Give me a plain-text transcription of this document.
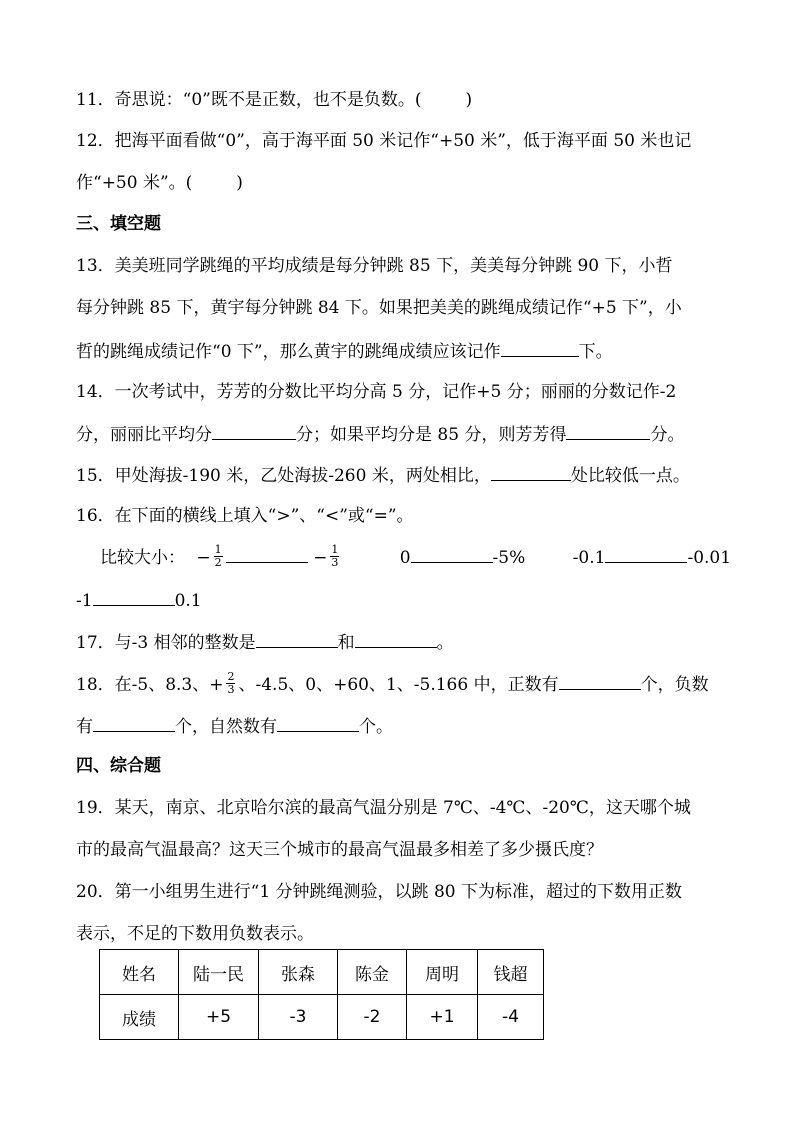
11．奇思说：“0”既不是正数，也不是负数。(	)
12．把海平面看做“0”，高于海平面 50 米记作“+50 米”，低于海平面 50 米也记
作“+50 米”。(	)
三、填空题
13．美美班同学跳绳的平均成绩是每分钟跳 85 下，美美每分钟跳 90 下，小哲
每分钟跳 85 下，黄宇每分钟跳 84 下。如果把美美的跳绳成绩记作“+5 下”，小
哲的跳绳成绩记作“0 下”，那么黄宇的跳绳成绩应该记作	下。
14．一次考试中，芳芳的分数比平均分高 5 分，记作+5 分；丽丽的分数记作-2
分，丽丽比平均分	分；如果平均分是 85 分，则芳芳得	分。
15．甲处海拔-190 米，乙处海拔-260 米，两处相比，	处比较低一点。
16．在下面的横线上填入“>”、“<”或“=”。
比较大小： − $\frac{1}{2}$	− $\frac{1}{3}$	0	-5%	-0.1	-0.01
-1	0.1
17．与-3 相邻的整数是	和	。
18．在-5、8.3、+ $\frac{2}{3}$ 、-4.5、0、+60、1、-5.166 中，正数有	个，负数
有	个，自然数有	个。
四、综合题
19．某天，南京、北京哈尔滨的最高气温分别是 7℃、-4℃、-20℃，这天哪个城
市的最高气温最高？这天三个城市的最高气温最多相差了多少摄氏度？
20．第一小组男生进行“1 分钟跳绳测验，以跳 80 下为标准，超过的下数用正数
表示，不足的下数用负数表示。
姓名	陆一民	张森	陈金	周明	钱超
成绩	+5	-3	-2	+1	-4
